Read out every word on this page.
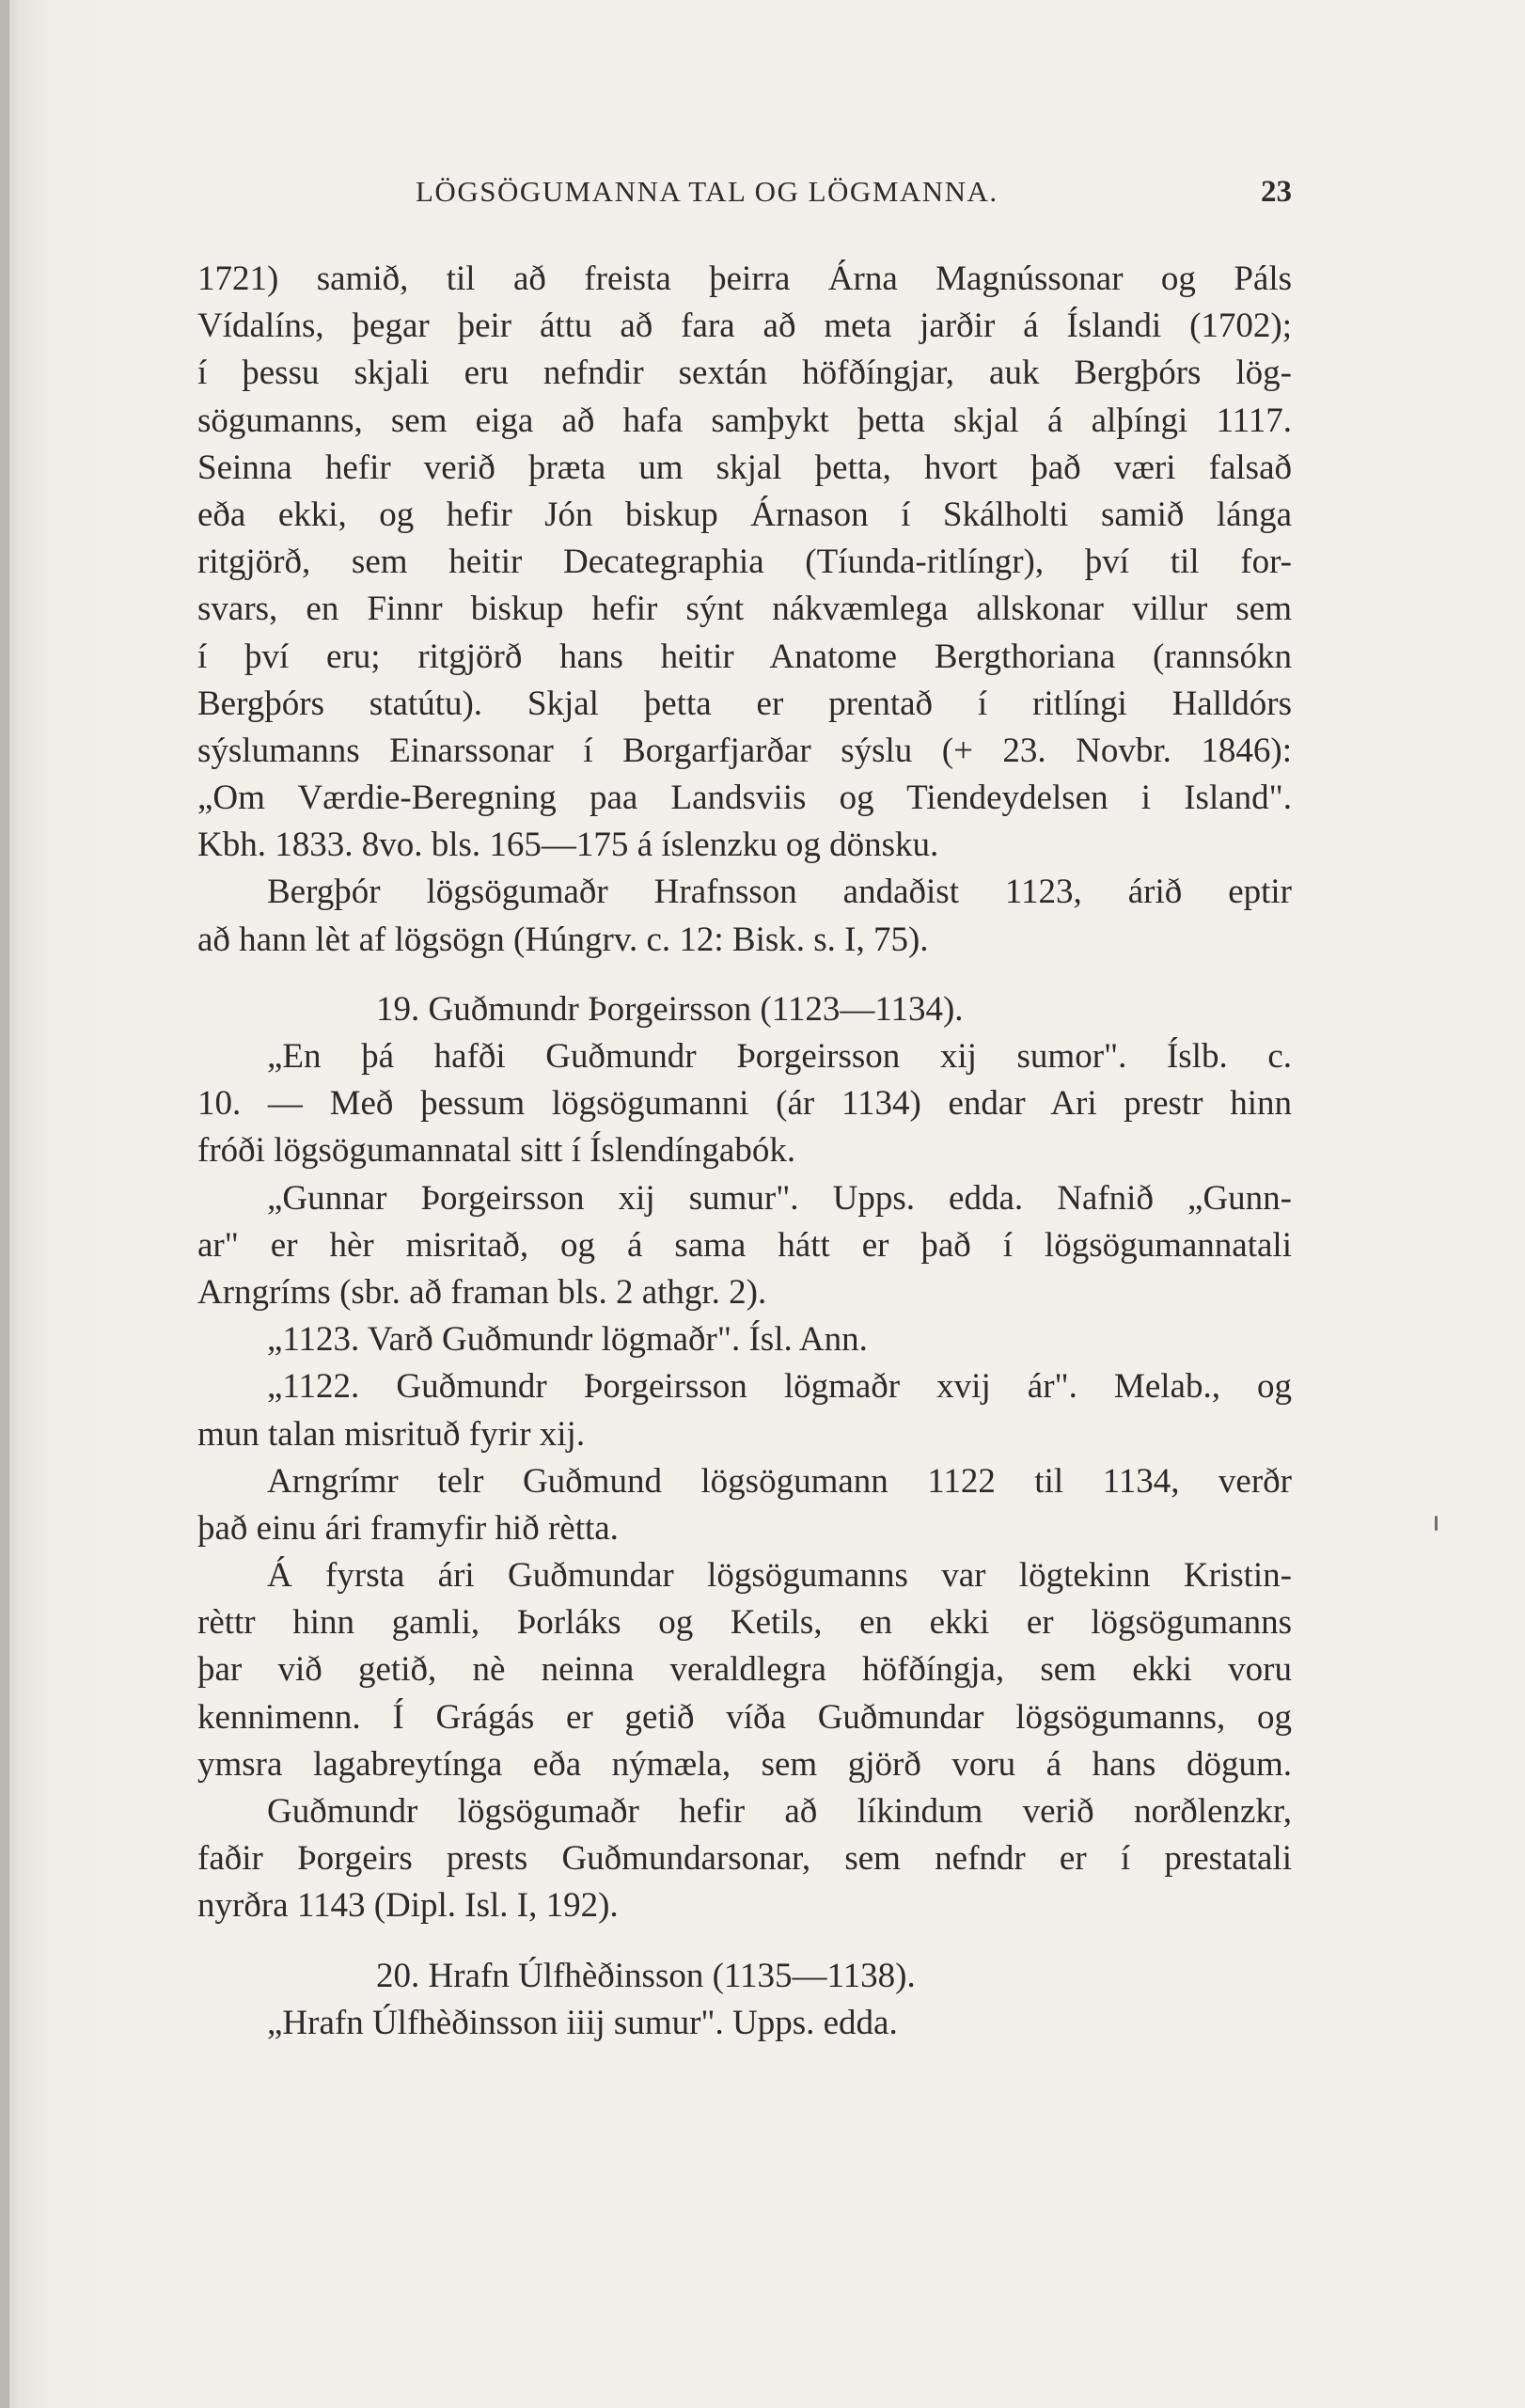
LÖGSÖGUMANNA TAL OG LÖGMANNA.	23
1721) samið, til að freista þeirra Árna Magnússonar og Páls
Vídalíns, þegar þeir áttu að fara að meta jarðir á Íslandi (1702);
í þessu skjali eru nefndir sextán höfðíngjar, auk Bergþórs lög-
sögumanns, sem eiga að hafa samþykt þetta skjal á alþíngi 1117.
Seinna hefir verið þræta um skjal þetta, hvort það væri falsað
eða ekki, og hefir Jón biskup Árnason í Skálholti samið lánga
ritgjörð, sem heitir Decategraphia (Tíunda-ritlíngr), því til for-
svars, en Finnr biskup hefir sýnt nákvæmlega allskonar villur sem
í því eru; ritgjörð hans heitir Anatome Bergthoriana (rannsókn
Bergþórs statútu). Skjal þetta er prentað í ritlíngi Halldórs
sýslumanns Einarssonar í Borgarfjarðar sýslu (+ 23. Novbr. 1846):
„Om Værdie-Beregning paa Landsviis og Tiendeydelsen i Island".
Kbh. 1833. 8vo. bls. 165—175 á íslenzku og dönsku.
Bergþór lögsögumaðr Hrafnsson andaðist 1123, árið eptir
að hann lèt af lögsögn (Húngrv. c. 12: Bisk. s. I, 75).
19. Guðmundr Þorgeirsson (1123—1134).
„En þá hafði Guðmundr Þorgeirsson xij sumor". Íslb. c.
10. — Með þessum lögsögumanni (ár 1134) endar Ari prestr hinn
fróði lögsögumannatal sitt í Íslendíngabók.
„Gunnar Þorgeirsson xij sumur". Upps. edda. Nafnið „Gunn-
ar" er hèr misritað, og á sama hátt er það í lögsögumannatali
Arngríms (sbr. að framan bls. 2 athgr. 2).
„1123. Varð Guðmundr lögmaðr". Ísl. Ann.
„1122. Guðmundr Þorgeirsson lögmaðr xvij ár". Melab., og
mun talan misrituð fyrir xij.
Arngrímr telr Guðmund lögsögumann 1122 til 1134, verðr
það einu ári framyfir hið rètta.
Á fyrsta ári Guðmundar lögsögumanns var lögtekinn Kristin-
rèttr hinn gamli, Þorláks og Ketils, en ekki er lögsögumanns
þar við getið, nè neinna veraldlegra höfðíngja, sem ekki voru
kennimenn. Í Grágás er getið víða Guðmundar lögsögumanns, og
ymsra lagabreytínga eða nýmæla, sem gjörð voru á hans dögum.
Guðmundr lögsögumaðr hefir að líkindum verið norðlenzkr,
faðir Þorgeirs prests Guðmundarsonar, sem nefndr er í prestatali
nyrðra 1143 (Dipl. Isl. I, 192).
20. Hrafn Úlfhèðinsson (1135—1138).
„Hrafn Úlfhèðinsson iiij sumur". Upps. edda.
